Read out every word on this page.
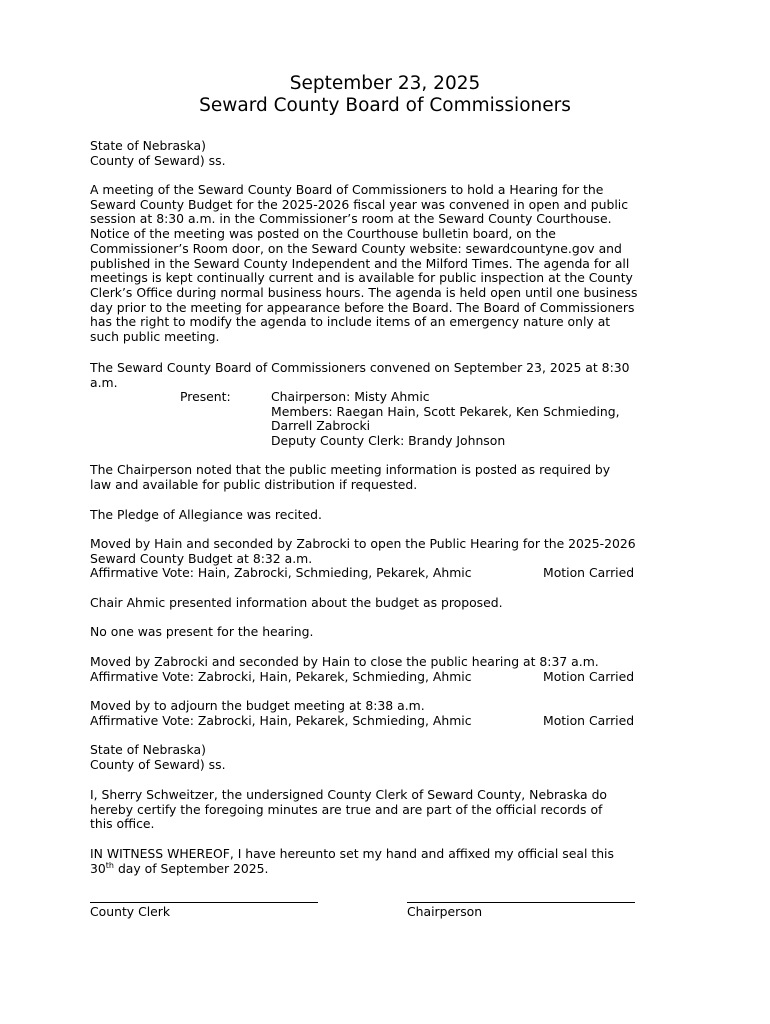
September 23, 2025
Seward County Board of Commissioners
State of Nebraska)
County of Seward) ss.
A meeting of the Seward County Board of Commissioners to hold a Hearing for the
Seward County Budget for the 2025-2026 fiscal year was convened in open and public
session at 8:30 a.m. in the Commissioner’s room at the Seward County Courthouse.
Notice of the meeting was posted on the Courthouse bulletin board, on the
Commissioner’s Room door, on the Seward County website: sewardcountyne.gov and
published in the Seward County Independent and the Milford Times. The agenda for all
meetings is kept continually current and is available for public inspection at the County
Clerk’s Office during normal business hours. The agenda is held open until one business
day prior to the meeting for appearance before the Board. The Board of Commissioners
has the right to modify the agenda to include items of an emergency nature only at
such public meeting.
The Seward County Board of Commissioners convened on September 23, 2025 at 8:30
a.m.
Present:	Chairperson: Misty Ahmic
Members: Raegan Hain, Scott Pekarek, Ken Schmieding,
Darrell Zabrocki
Deputy County Clerk: Brandy Johnson
The Chairperson noted that the public meeting information is posted as required by
law and available for public distribution if requested.
The Pledge of Allegiance was recited.
Moved by Hain and seconded by Zabrocki to open the Public Hearing for the 2025-2026
Seward County Budget at 8:32 a.m.
Affirmative Vote: Hain, Zabrocki, Schmieding, Pekarek, Ahmic	Motion Carried
Chair Ahmic presented information about the budget as proposed.
No one was present for the hearing.
Moved by Zabrocki and seconded by Hain to close the public hearing at 8:37 a.m.
Affirmative Vote: Zabrocki, Hain, Pekarek, Schmieding, Ahmic	Motion Carried
Moved by to adjourn the budget meeting at 8:38 a.m.
Affirmative Vote: Zabrocki, Hain, Pekarek, Schmieding, Ahmic	Motion Carried
State of Nebraska)
County of Seward) ss.
I, Sherry Schweitzer, the undersigned County Clerk of Seward County, Nebraska do
hereby certify the foregoing minutes are true and are part of the official records of
this office.
IN WITNESS WHEREOF, I have hereunto set my hand and affixed my official seal this
30th day of September 2025.
County Clerk	Chairperson
